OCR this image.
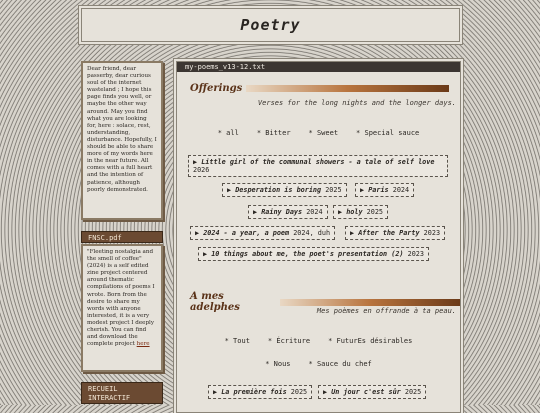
Poetry
Dear friend, dear passerby, dear curious soul of the internet wasteland ; I hope this page finds you well, or maybe the other way around. May you find what you are looking for, here : solace, rest, understanding, disturbance. Hopefully, I should be able to share more of my words here in the near future. All comes with a full heart and the intention of patience, although poorly demonstrated.
FNSC.pdf
"Fleeting nostalgia and the smell of coffee"(2024) is a self edited zine project centered around thematic compilations of poems I wrote. Born from the desire to share my words with anyone interested, it is a very modest project I deeply cherish. You can find and download the complete project here
RECUEIL INTERACTIF
my-poems_v13-12.txt
Offerings
Verses for the long nights and the longer days.
* all	* Bitter	* Sweet	* Special sauce
▶ Little girl of the communal showers - a tale of self love 2026
▶ Desperation is boring 2025	▶ Paris 2024
▶ Rainy Days 2024	▶ holy 2025
▶ 2024 - a year, a poem 2024, duh	▶ After the Party 2023
▶ 10 things about me, the poet's presentation (2) 2023
A mes adelphes	Mes poèmes en offrande à ta peau.
* Tout	* Écriture	* FuturEs désirables
* Nous	* Sauce du chef
▶ La première fois 2025	▶ Un jour c'est sûr 2025
